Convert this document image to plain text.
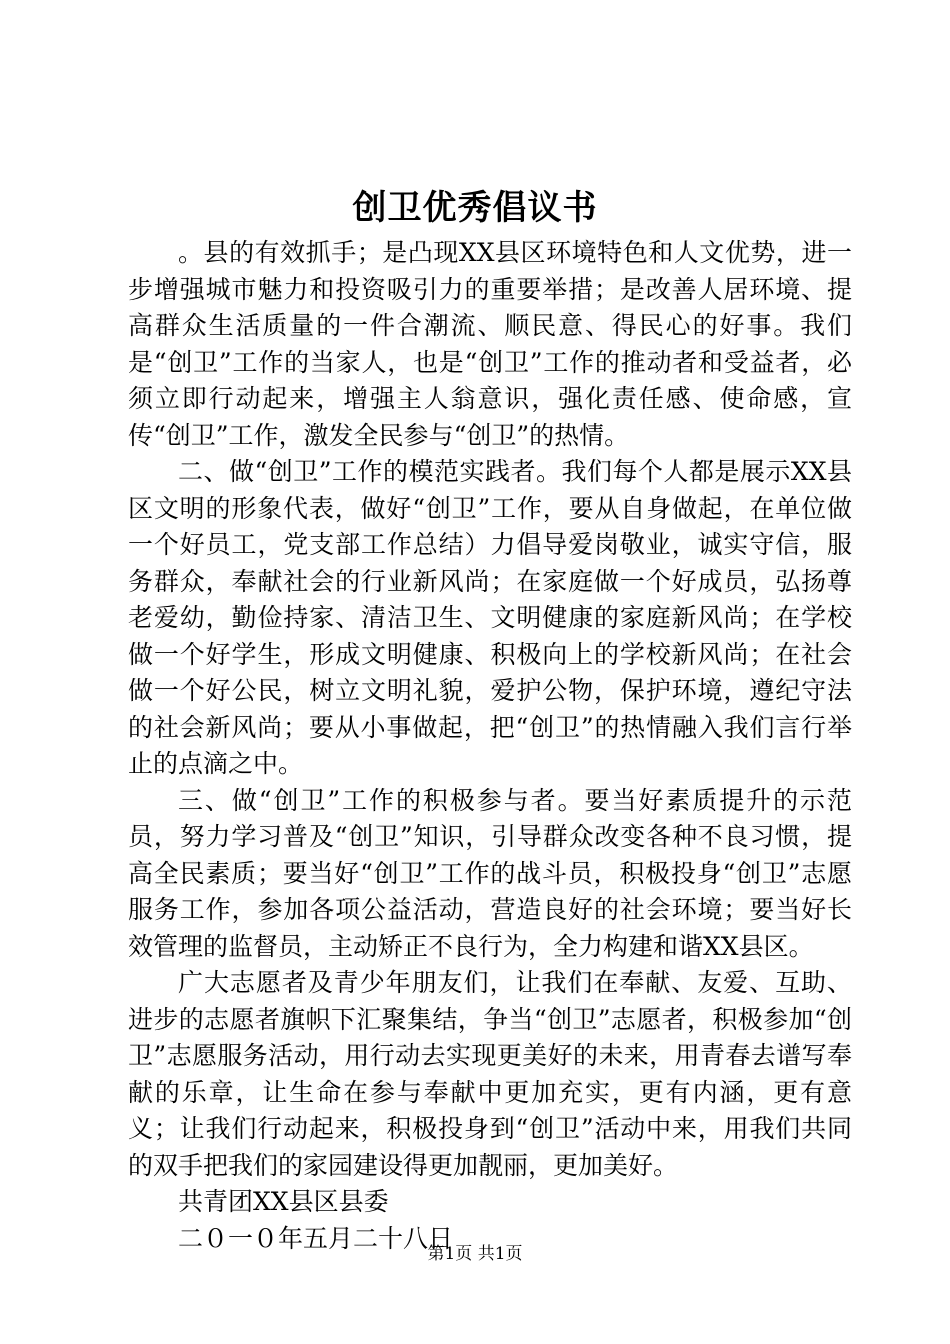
创卫优秀倡议书

。县的有效抓手；是凸现XX县区环境特色和人文优势，进一步增强城市魅力和投资吸引力的重要举措；是改善人居环境、提高群众生活质量的一件合潮流、顺民意、得民心的好事。我们是“创卫”工作的当家人，也是“创卫”工作的推动者和受益者，必须立即行动起来，增强主人翁意识，强化责任感、使命感，宣传“创卫”工作，激发全民参与“创卫”的热情。

二、做“创卫”工作的模范实践者。我们每个人都是展示XX县区文明的形象代表，做好“创卫”工作，要从自身做起，在单位做一个好员工，党支部工作总结）力倡导爱岗敬业，诚实守信，服务群众，奉献社会的行业新风尚；在家庭做一个好成员，弘扬尊老爱幼，勤俭持家、清洁卫生、文明健康的家庭新风尚；在学校做一个好学生，形成文明健康、积极向上的学校新风尚；在社会做一个好公民，树立文明礼貌，爱护公物，保护环境，遵纪守法的社会新风尚；要从小事做起，把“创卫”的热情融入我们言行举止的点滴之中。

三、做“创卫”工作的积极参与者。要当好素质提升的示范员，努力学习普及“创卫”知识，引导群众改变各种不良习惯，提高全民素质；要当好“创卫”工作的战斗员，积极投身“创卫”志愿服务工作，参加各项公益活动，营造良好的社会环境；要当好长效管理的监督员，主动矫正不良行为，全力构建和谐XX县区。

广大志愿者及青少年朋友们，让我们在奉献、友爱、互助、进步的志愿者旗帜下汇聚集结，争当“创卫”志愿者，积极参加“创卫”志愿服务活动，用行动去实现更美好的未来，用青春去谱写奉献的乐章，让生命在参与奉献中更加充实，更有内涵，更有意义；让我们行动起来，积极投身到“创卫”活动中来，用我们共同的双手把我们的家园建设得更加靓丽，更加美好。

共青团XX县区县委

二０一０年五月二十八日

第1页 共1页
